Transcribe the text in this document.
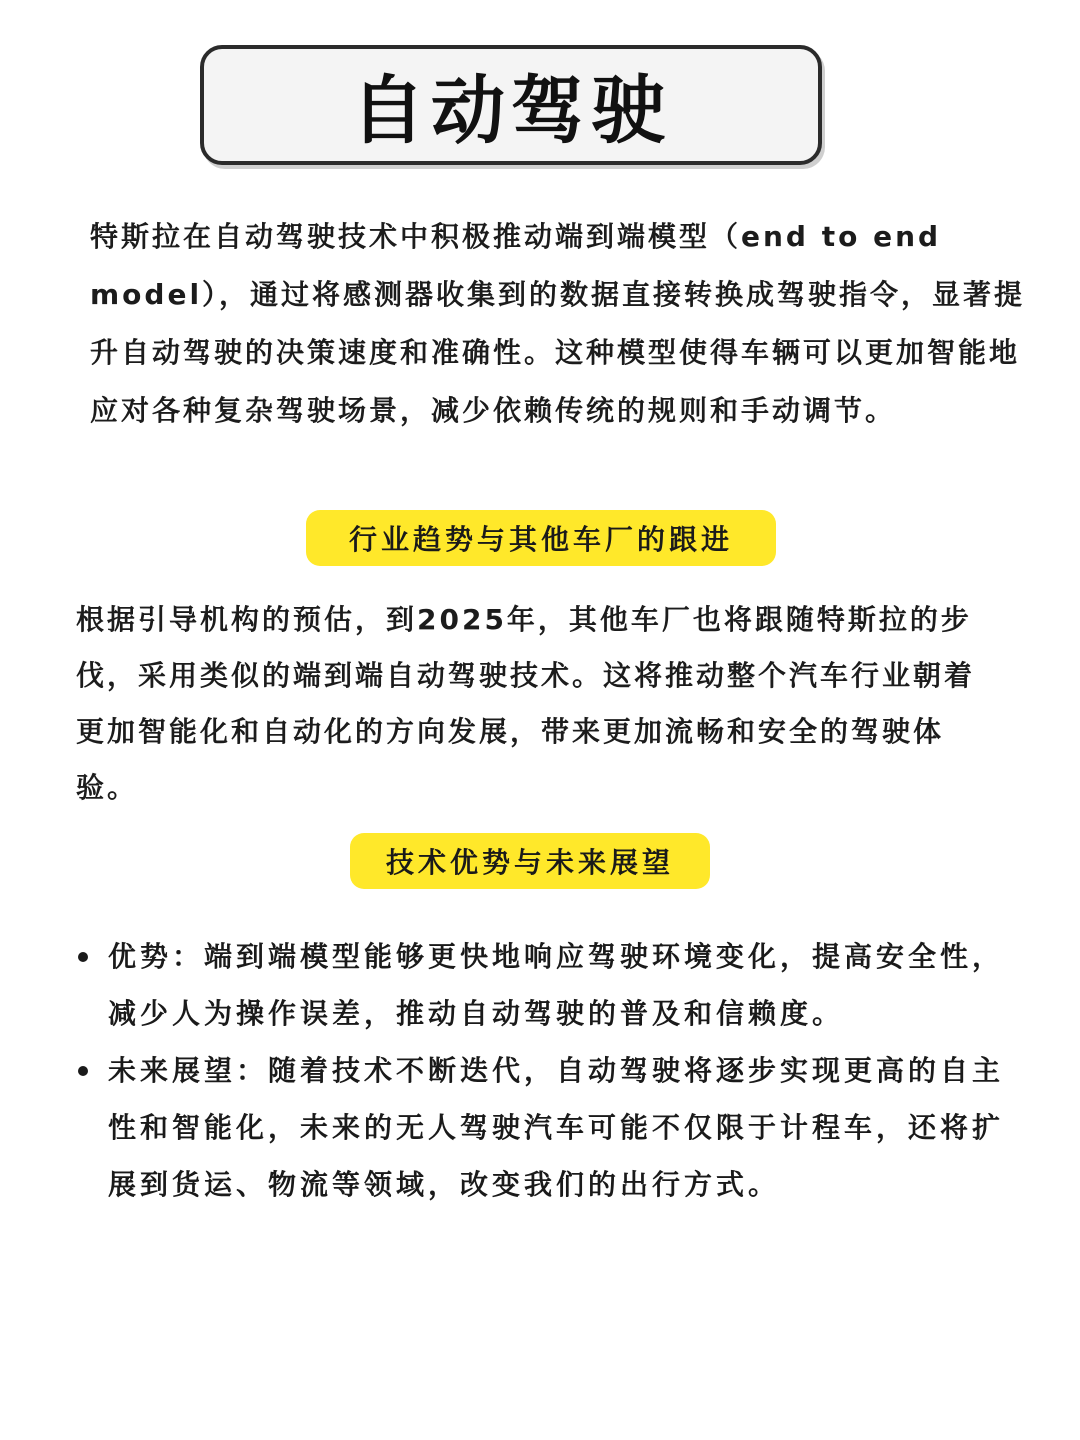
自动驾驶

特斯拉在自动驾驶技术中积极推动端到端模型（end to end model），通过将感测器收集到的数据直接转换成驾驶指令，显著提升自动驾驶的决策速度和准确性。这种模型使得车辆可以更加智能地应对各种复杂驾驶场景，减少依赖传统的规则和手动调节。

行业趋势与其他车厂的跟进

根据引导机构的预估，到2025年，其他车厂也将跟随特斯拉的步伐，采用类似的端到端自动驾驶技术。这将推动整个汽车行业朝着更加智能化和自动化的方向发展，带来更加流畅和安全的驾驶体验。

技术优势与未来展望
优势：端到端模型能够更快地响应驾驶环境变化，提高安全性，减少人为操作误差，推动自动驾驶的普及和信赖度。
未来展望：随着技术不断迭代，自动驾驶将逐步实现更高的自主性和智能化，未来的无人驾驶汽车可能不仅限于计程车，还将扩展到货运、物流等领域，改变我们的出行方式。
